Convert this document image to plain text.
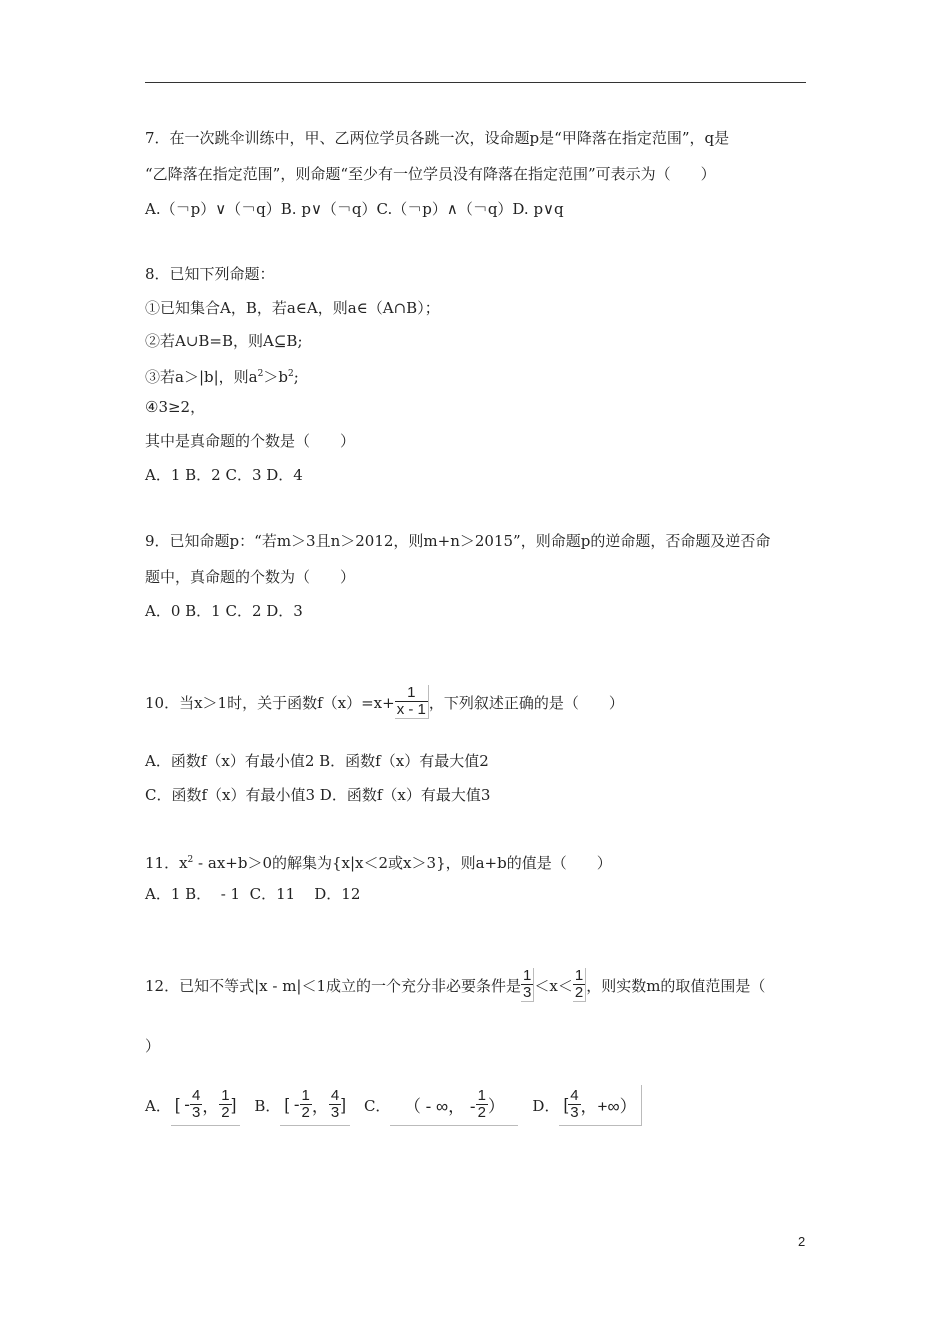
7．在一次跳伞训练中，甲、乙两位学员各跳一次，设命题p是“甲降落在指定范围”，q是
“乙降落在指定范围”，则命题“至少有一位学员没有降落在指定范围”可表示为（　　）
A.（￢p）∨（￢q）B. p∨（￢q）C.（￢p）∧（￢q）D. p∨q
8．已知下列命题：
①已知集合A，B，若a∈A，则a∈（A∩B）；
②若A∪B=B，则A⊆B;
③若a＞|b|，则$a^2>b^2$;
④3≥2，
其中是真命题的个数是（　　）
A．1 B．2 C．3 D．4
9．已知命题p：“若m＞3且n＞2012，则m+n＞2015”，则命题p的逆命题，否命题及逆否命
题中，真命题的个数为（　　）
A．0 B．1 C．2 D．3
10．当x＞1时，关于函数$f(x)=x+ \frac{1}{x - 1}$ ，下列叙述正确的是（　　）
A．函数f（x）有最小值2 B．函数f（x）有最大值2
C．函数f（x）有最小值3 D．函数f（x）有最大值3
11．$x^2 - ax+b>0$的解集为{x|x＜2或x＞3}，则a+b的值是（　　）
A．1 B．  - 1  C．11    D．12
12．已知不等式|x - m|＜1成立的一个充分非必要条件是 $\frac{1}{3} <x< \frac{1}{2}$ ，则实数m的取值范围是（
）
A． [ - $\frac{4}{3}$ ， $\frac{1}{2}$ ] B． [ - $\frac{1}{2}$ ， $\frac{4}{3}$ ] C． （ - ∞， - $\frac{1}{2}$ ） D． [ $\frac{4}{3}$ ，+∞）
2
